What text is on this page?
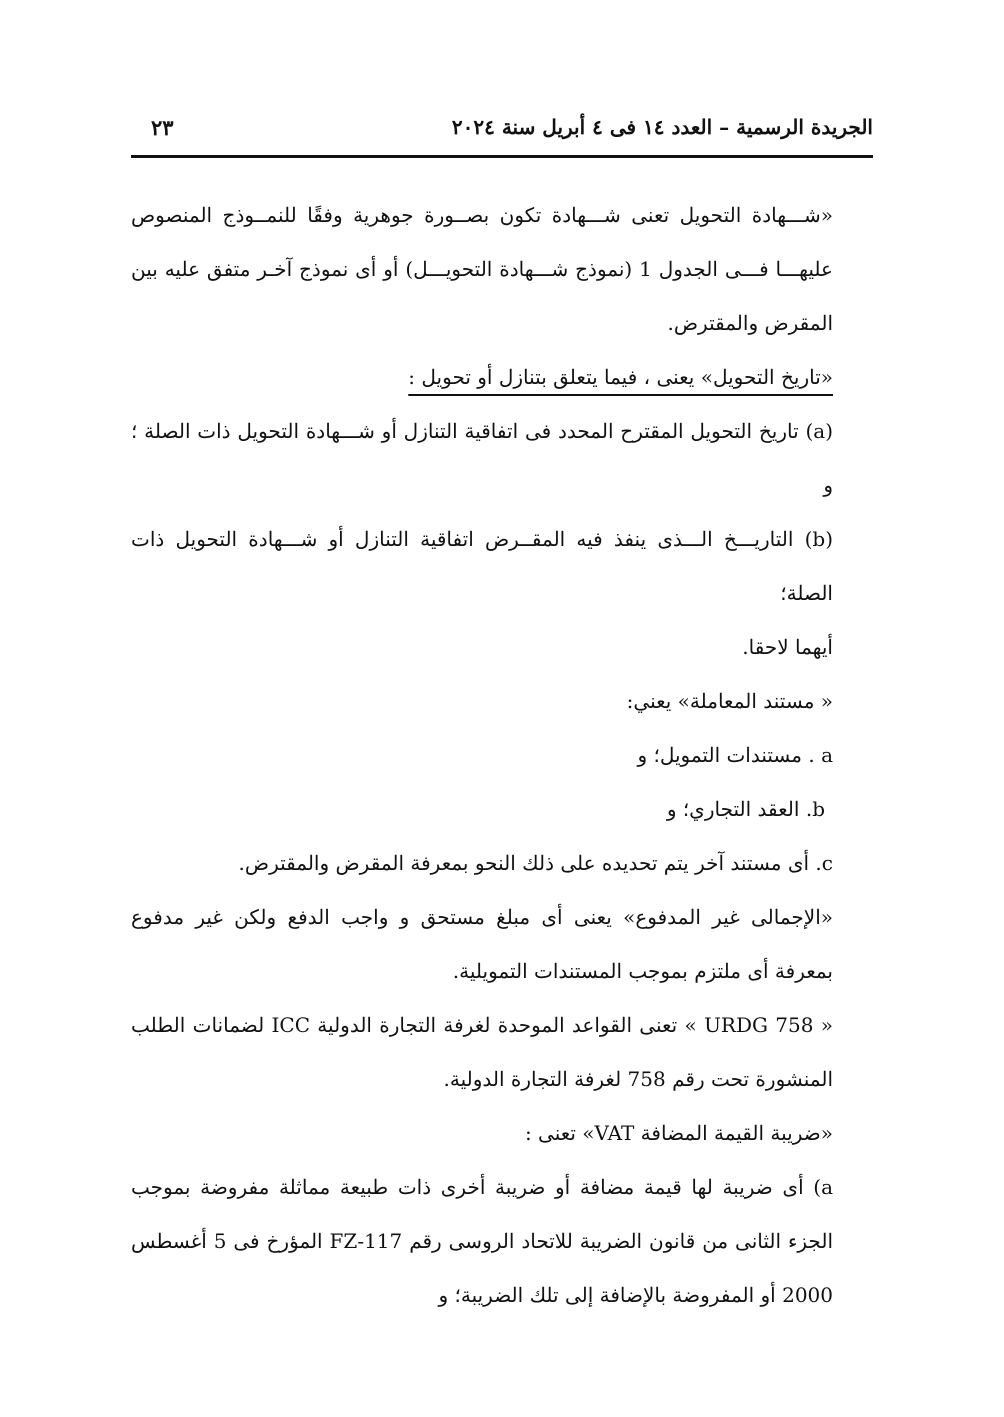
الجريدة الرسمية – العدد ١٤ فى ٤ أبريل سنة ٢٠٢٤
٢٣

«شـــهادة التحويل تعنى شـــهادة تكون بصــورة جوهرية وفقًا للنمــوذج المنصوص عليهـــا فـــى الجدول 1 (نموذج شـــهادة التحويـــل) أو أى نموذج آخـر متفق عليه بين المقرض والمقترض.

«تاريخ التحويل» يعنى ، فيما يتعلق بتنازل أو تحويل :

(a) تاريخ التحويل المقترح المحدد فى اتفاقية التنازل أو شـــهادة التحويل ذات الصلة ؛ و

(b) التاريـــخ الـــذى ينفذ فيه المقــرض اتفاقية التنازل أو شـــهادة التحويل ذات الصلة؛

أيهما لاحقا.

« مستند المعاملة» يعني:

a . مستندات التمويل؛ و

b. العقد التجاري؛ و

c. أى مستند آخر يتم تحديده على ذلك النحو بمعرفة المقرض والمقترض.

«الإجمالى غير المدفوع» يعنى أى مبلغ مستحق و واجب الدفع ولكن غير مدفوع بمعرفة أى ملتزم بموجب المستندات التمويلية.

« URDG 758 » تعنى القواعد الموحدة لغرفة التجارة الدولية ICC لضمانات الطلب المنشورة تحت رقم 758 لغرفة التجارة الدولية.

«ضريبة القيمة المضافة VAT» تعنى :

a) أى ضريبة لها قيمة مضافة أو ضريبة أخرى ذات طبيعة مماثلة مفروضة بموجب الجزء الثانى من قانون الضريبة للاتحاد الروسى رقم FZ-117 المؤرخ فى 5 أغسطس 2000 أو المفروضة بالإضافة إلى تلك الضريبة؛ و
